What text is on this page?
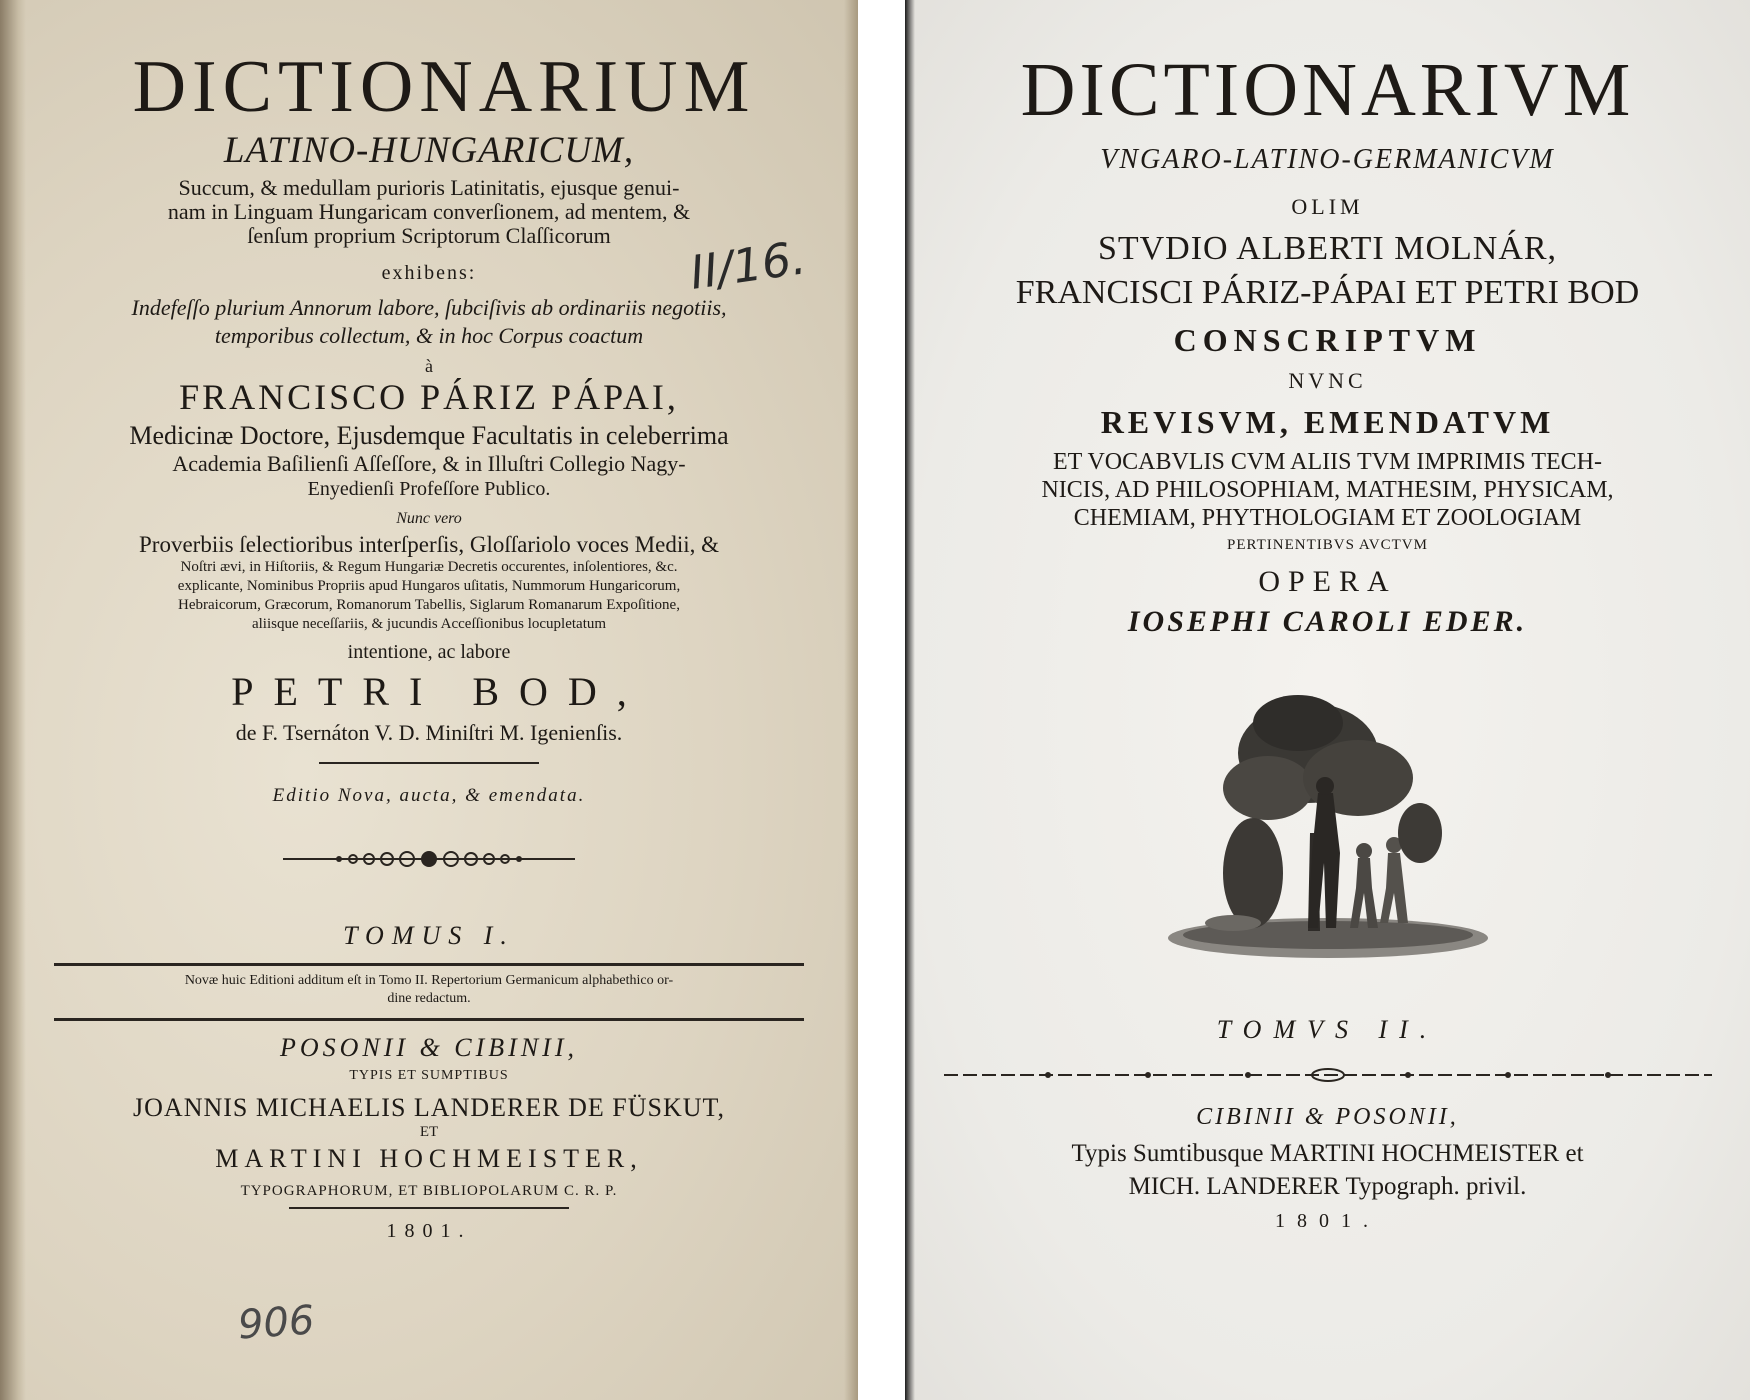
DICTIONARIUM
LATINO-HUNGARICUM,
Succum, & medullam purioris Latinitatis, ejusque genui-
nam in Linguam Hungaricam converſionem, ad mentem, &
ſenſum proprium Scriptorum Claſſicorum
exhibens:
Indefeſſo plurium Annorum labore, ſubciſivis ab ordinariis negotiis,
temporibus collectum, & in hoc Corpus coactum
à
FRANCISCO PÁRIZ PÁPAI,
Medicinæ Doctore, Ejusdemque Facultatis in celeberrima
Academia Baſilienſi Aſſeſſore, & in Illuſtri Collegio Nagy-
Enyedienſi Profeſſore Publico.
Nunc vero
Proverbiis ſelectioribus interſperſis, Gloſſariolo voces Medii, &
Noſtri ævi, in Hiſtoriis, & Regum Hungariæ Decretis occurentes, inſolentiores, &c.
explicante, Nominibus Propriis apud Hungaros uſitatis, Nummorum Hungaricorum,
Hebraicorum, Græcorum, Romanorum Tabellis, Siglarum Romanarum Expoſitione,
aliisque neceſſariis, & jucundis Acceſſionibus locupletatum
intentione, ac labore
PETRI BOD,
de F. Tsernáton V. D. Miniſtri M. Igenienſis.
Editio Nova, aucta, & emendata.
TOMUS I.
Novæ huic Editioni additum eſt in Tomo II. Repertorium Germanicum alphabethico or-
dine redactum.
POSONII & CIBINII,
TYPIS ET SUMPTIBUS
JOANNIS MICHAELIS LANDERER DE FÜSKUT,
ET
MARTINI HOCHMEISTER,
TYPOGRAPHORUM, ET BIBLIOPOLARUM C. R. P.
1801.
II/16.
906
DICTIONARIVM
VNGARO-LATINO-GERMANICVM
OLIM
STVDIO ALBERTI MOLNÁR,
FRANCISCI PÁRIZ-PÁPAI ET PETRI BOD
CONSCRIPTVM
NVNC
REVISVM, EMENDATVM
ET VOCABVLIS CVM ALIIS TVM IMPRIMIS TECH-
NICIS, AD PHILOSOPHIAM, MATHESIM, PHYSICAM,
CHEMIAM, PHYTHOLOGIAM ET ZOOLOGIAM
PERTINENTIBVS AVCTVM
OPERA
IOSEPHI CAROLI EDER.
TOMVS II.
CIBINII & POSONII,
Typis Sumtibusque MARTINI HOCHMEISTER et
MICH. LANDERER Typograph. privil.
1801.
